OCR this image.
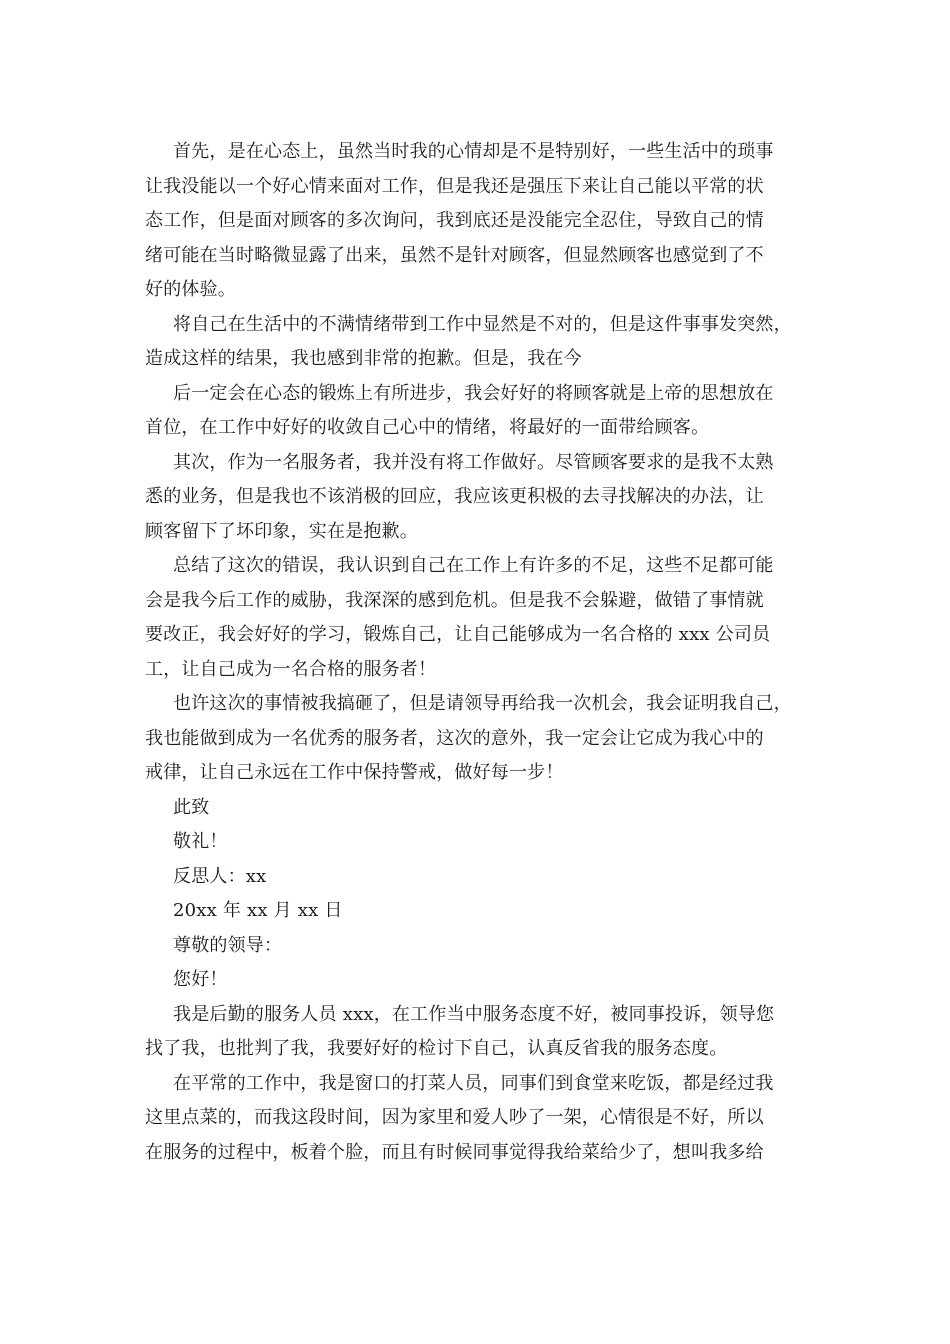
首先，是在心态上，虽然当时我的心情却是不是特别好，一些生活中的琐事
让我没能以一个好心情来面对工作，但是我还是强压下来让自己能以平常的状
态工作，但是面对顾客的多次询问，我到底还是没能完全忍住，导致自己的情
绪可能在当时略微显露了出来，虽然不是针对顾客，但显然顾客也感觉到了不
好的体验。
将自己在生活中的不满情绪带到工作中显然是不对的，但是这件事事发突然，
造成这样的结果，我也感到非常的抱歉。但是，我在今
后一定会在心态的锻炼上有所进步，我会好好的将顾客就是上帝的思想放在
首位，在工作中好好的收敛自己心中的情绪，将最好的一面带给顾客。
其次，作为一名服务者，我并没有将工作做好。尽管顾客要求的是我不太熟
悉的业务，但是我也不该消极的回应，我应该更积极的去寻找解决的办法，让
顾客留下了坏印象，实在是抱歉。
总结了这次的错误，我认识到自己在工作上有许多的不足，这些不足都可能
会是我今后工作的威胁，我深深的感到危机。但是我不会躲避，做错了事情就
要改正，我会好好的学习，锻炼自己，让自己能够成为一名合格的 xxx 公司员
工，让自己成为一名合格的服务者！
也许这次的事情被我搞砸了，但是请领导再给我一次机会，我会证明我自己，
我也能做到成为一名优秀的服务者，这次的意外，我一定会让它成为我心中的
戒律，让自己永远在工作中保持警戒，做好每一步！
此致
敬礼！
反思人：xx
20xx 年 xx 月 xx 日
尊敬的领导：
您好！
我是后勤的服务人员 xxx，在工作当中服务态度不好，被同事投诉，领导您
找了我，也批判了我，我要好好的检讨下自己，认真反省我的服务态度。
在平常的工作中，我是窗口的打菜人员，同事们到食堂来吃饭，都是经过我
这里点菜的，而我这段时间，因为家里和爱人吵了一架，心情很是不好，所以
在服务的过程中，板着个脸，而且有时候同事觉得我给菜给少了，想叫我多给
